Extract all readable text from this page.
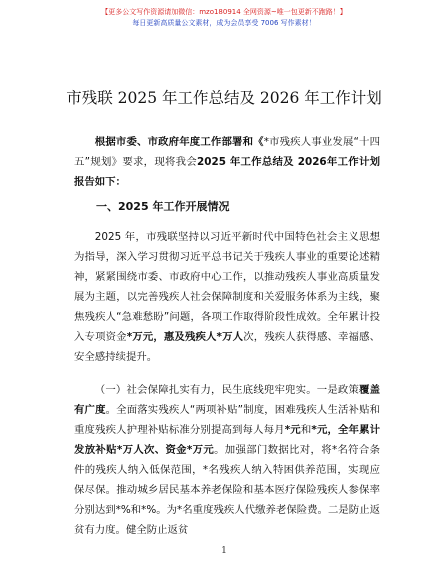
【更多公文写作资源请加微信：mzo180914 全网资源~唯一包更新不跑路！】
每日更新高质量公文素材，成为会员享受 7006 写作素材！
市残联 2025 年工作总结及 2026 年工作计划

根据市委、市政府年度工作部署和《*市残疾人事业发展“十四五”规划》要求，现将我会2025 年工作总结及 2026年工作计划报告如下：

一、2025 年工作开展情况

2025 年，市残联坚持以习近平新时代中国特色社会主义思想为指导，深入学习贯彻习近平总书记关于残疾人事业的重要论述精神，紧紧围绕市委、市政府中心工作，以推动残疾人事业高质量发展为主题，以完善残疾人社会保障制度和关爱服务体系为主线，聚焦残疾人“急难愁盼”问题，各项工作取得阶段性成效。全年累计投入专项资金*万元，惠及残疾人*万人次，残疾人获得感、幸福感、安全感持续提升。

（一）社会保障扎实有力，民生底线兜牢兜实。一是政策覆盖有广度。全面落实残疾人“两项补贴”制度，困难残疾人生活补贴和重度残疾人护理补贴标准分别提高到每人每月*元和*元，全年累计发放补贴*万人次、资金*万元。加强部门数据比对，将*名符合条件的残疾人纳入低保范围，*名残疾人纳入特困供养范围，实现应保尽保。推动城乡居民基本养老保险和基本医疗保险残疾人参保率分别达到*%和*%。为*名重度残疾人代缴养老保险费。二是防止返贫有力度。健全防止返贫

1
